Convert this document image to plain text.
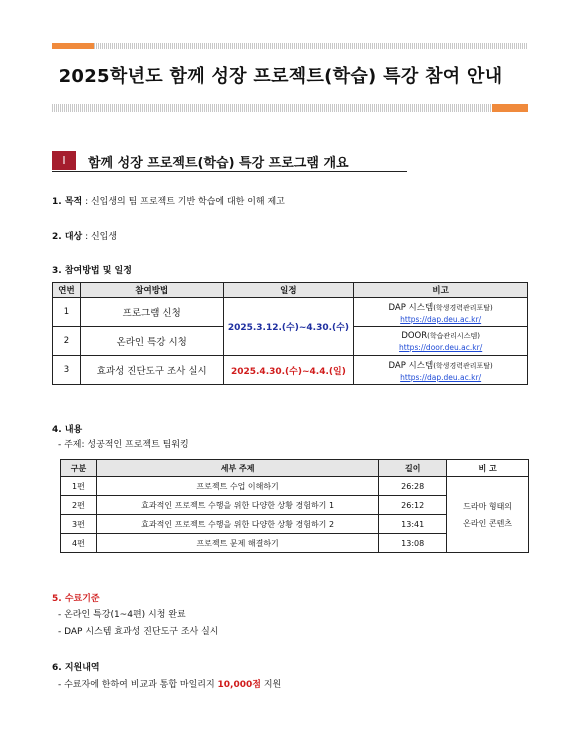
2025학년도 함께 성장 프로젝트(학습) 특강 참여 안내
Ⅰ	함께 성장 프로젝트(학습) 특강 프로그램 개요
1. 목적 : 신입생의 팀 프로젝트 기반 학습에 대한 이해 제고
2. 대상 : 신입생
3. 참여방법 및 일정
연번	참여방법	일정	비고
1	프로그램 신청	2025.3.12.(수)~4.30.(수)	DAP 시스템(학생경력관리포탈)
https://dap.deu.ac.kr/

2	온라인 특강 시청		DOOR(학습관리시스템)
https://door.deu.ac.kr/

3	효과성 진단도구 조사 실시	2025.4.30.(수)~4.4.(일)	DAP 시스템(학생경력관리포탈)
https://dap.deu.ac.kr/
4. 내용
- 주제: 성공적인 프로젝트 팀워킹
구분	세부 주제	길이	비 고
1편	프로젝트 수업 이해하기	26:28	드라마 형태의
온라인 콘텐츠
2편	효과적인 프로젝트 수행을 위한 다양한 상황 경험하기 1	26:12	
3편	효과적인 프로젝트 수행을 위한 다양한 상황 경험하기 2	13:41	
4편	프로젝트 문제 해결하기	13:08	
5. 수료기준
- 온라인 특강(1~4편) 시청 완료
- DAP 시스템 효과성 진단도구 조사 실시
6. 지원내역
- 수료자에 한하여 비교과 통합 마일리지 10,000점 지원
